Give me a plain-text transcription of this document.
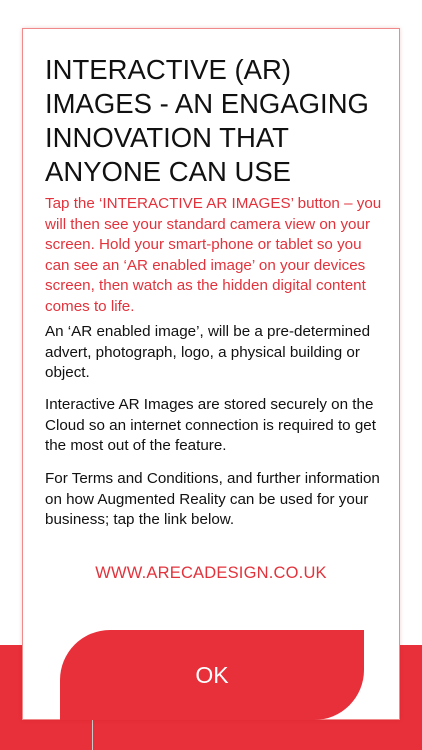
INTERACTIVE (AR) IMAGES - AN ENGAGING INNOVATION THAT ANYONE CAN USE

Tap the ‘INTERACTIVE AR IMAGES’ button – you will then see your standard camera view on your screen. Hold your smart-phone or tablet so you can see an ‘AR enabled image’ on your devices screen, then watch as the hidden digital content comes to life.

An ‘AR enabled image’, will be a pre-determined advert, photograph, logo, a physical building or object.

Interactive AR Images are stored securely on the Cloud so an internet connection is required to get the most out of the feature.

For Terms and Conditions, and further information on how Augmented Reality can be used for your business; tap the link below.

WWW.ARECADESIGN.CO.UK
OK
